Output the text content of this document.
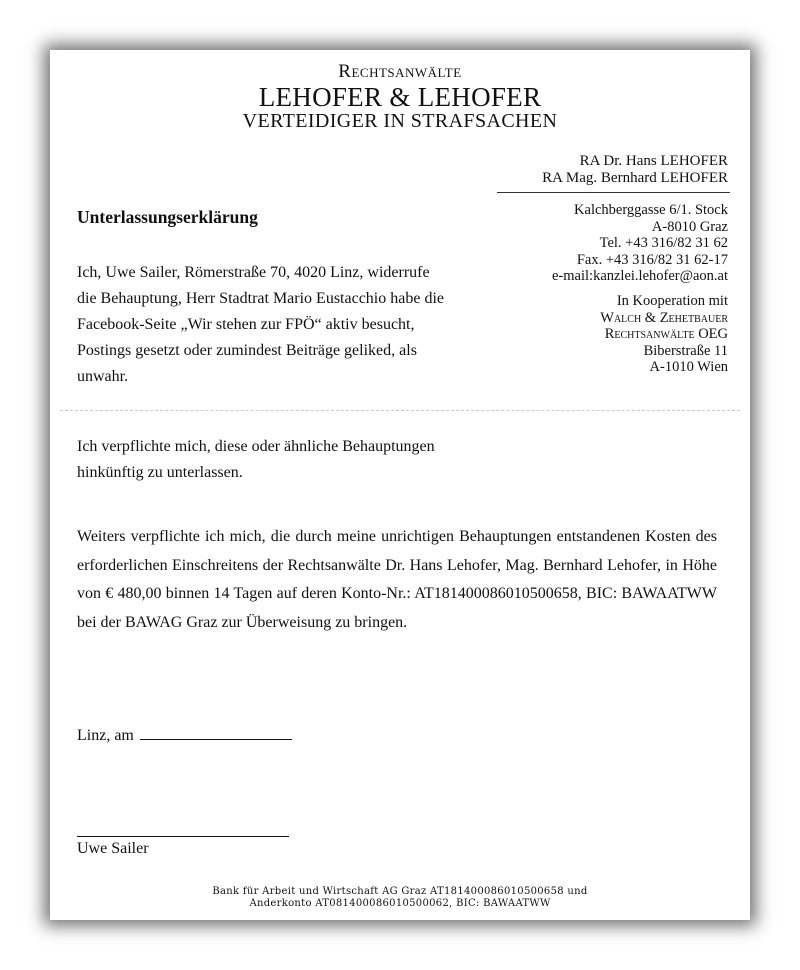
Rechtsanwälte
LEHOFER & LEHOFER
VERTEIDIGER IN STRAFSACHEN
RA Dr. Hans LEHOFER
RA Mag. Bernhard LEHOFER
Kalchberggasse 6/1. Stock
A-8010 Graz
Tel. +43 316/82 31 62
Fax. +43 316/82 31 62-17
e-mail:kanzlei.lehofer@aon.at
In Kooperation mit
Walch & Zehetbauer
Rechtsanwälte OEG
Biberstraße 11
A-1010 Wien
Unterlassungserklärung
Ich, Uwe Sailer, Römerstraße 70, 4020 Linz, widerrufe
die Behauptung, Herr Stadtrat Mario Eustacchio habe die
Facebook-Seite „Wir stehen zur FPÖ“ aktiv besucht,
Postings gesetzt oder zumindest Beiträge geliked, als
unwahr.
Ich verpflichte mich, diese oder ähnliche Behauptungen
hinkünftig zu unterlassen.
Weiters verpflichte ich mich, die durch meine unrichtigen Behauptungen entstandenen Kosten des erforderlichen Einschreitens der Rechtsanwälte Dr. Hans Lehofer, Mag. Bernhard Lehofer, in Höhe von € 480,00 binnen 14 Tagen auf deren Konto-Nr.: AT181400086010500658, BIC: BAWAATWW bei der BAWAG Graz zur Überweisung zu bringen.
Linz, am
Uwe Sailer
Bank für Arbeit und Wirtschaft AG Graz AT181400086010500658 und
Anderkonto AT081400086010500062, BIC: BAWAATWW
